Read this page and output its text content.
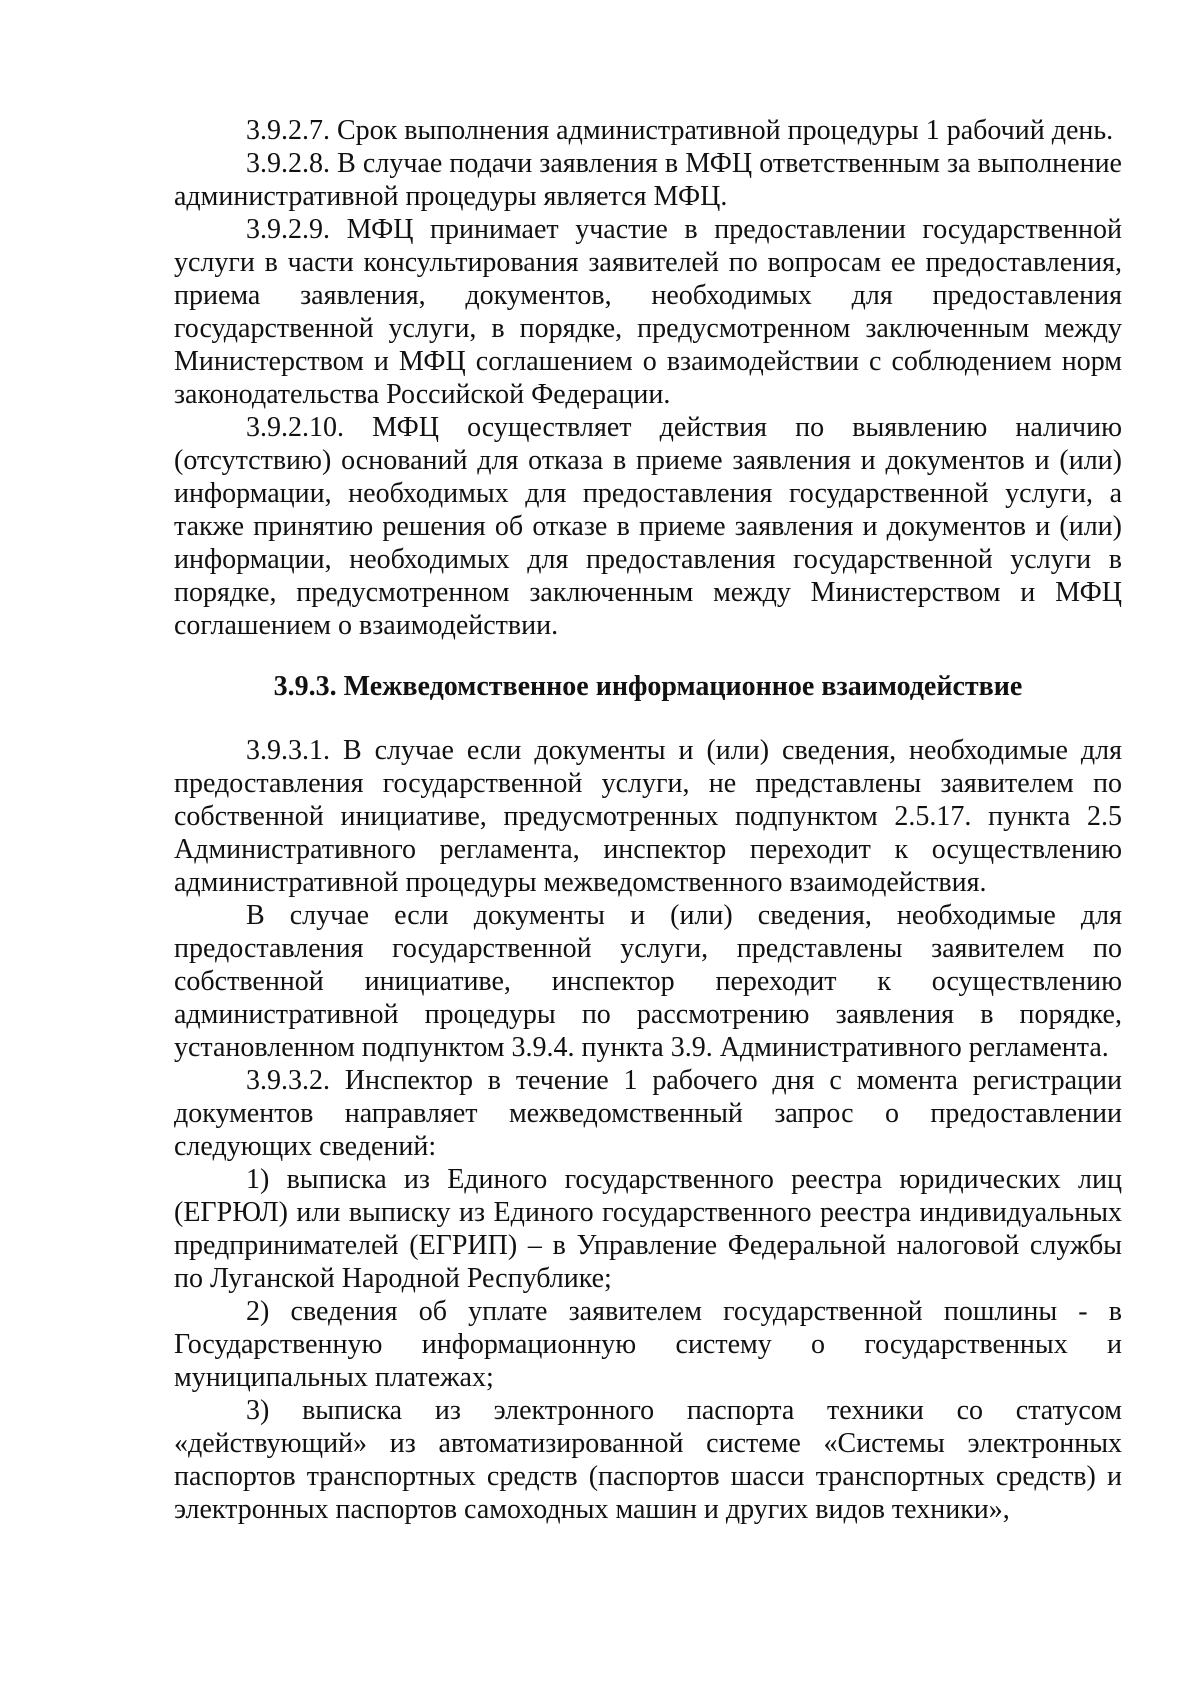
3.9.2.7. Срок выполнения административной процедуры 1 рабочий день.

3.9.2.8. В случае подачи заявления в МФЦ ответственным за выполнение административной процедуры является МФЦ.

3.9.2.9. МФЦ принимает участие в предоставлении государственной услуги в части консультирования заявителей по вопросам ее предоставления, приема заявления, документов, необходимых для предоставления государственной услуги, в порядке, предусмотренном заключенным между Министерством и МФЦ соглашением о взаимодействии с соблюдением норм законодательства Российской Федерации.

3.9.2.10. МФЦ осуществляет действия по выявлению наличию (отсутствию) оснований для отказа в приеме заявления и документов и (или) информации, необходимых для предоставления государственной услуги, а также принятию решения об отказе в приеме заявления и документов и (или) информации, необходимых для предоставления государственной услуги в порядке, предусмотренном заключенным между Министерством и МФЦ соглашением о взаимодействии.

3.9.3. Межведомственное информационное взаимодействие

3.9.3.1. В случае если документы и (или) сведения, необходимые для предоставления государственной услуги, не представлены заявителем по собственной инициативе, предусмотренных подпунктом 2.5.17. пункта 2.5 Административного регламента, инспектор переходит к осуществлению административной процедуры межведомственного взаимодействия.

В случае если документы и (или) сведения, необходимые для предоставления государственной услуги, представлены заявителем по собственной инициативе, инспектор переходит к осуществлению административной процедуры по рассмотрению заявления в порядке, установленном подпунктом 3.9.4. пункта 3.9. Административного регламента.

3.9.3.2. Инспектор в течение 1 рабочего дня с момента регистрации документов направляет межведомственный запрос о предоставлении следующих сведений:

1) выписка из Единого государственного реестра юридических лиц (ЕГРЮЛ) или выписку из Единого государственного реестра индивидуальных предпринимателей (ЕГРИП) – в Управление Федеральной налоговой службы по Луганской Народной Республике;

2) сведения об уплате заявителем государственной пошлины - в Государственную информационную систему о государственных и муниципальных платежах;

3) выписка из электронного паспорта техники со статусом «действующий» из автоматизированной системе «Системы электронных паспортов транспортных средств (паспортов шасси транспортных средств) и электронных паспортов самоходных машин и других видов техники»,
